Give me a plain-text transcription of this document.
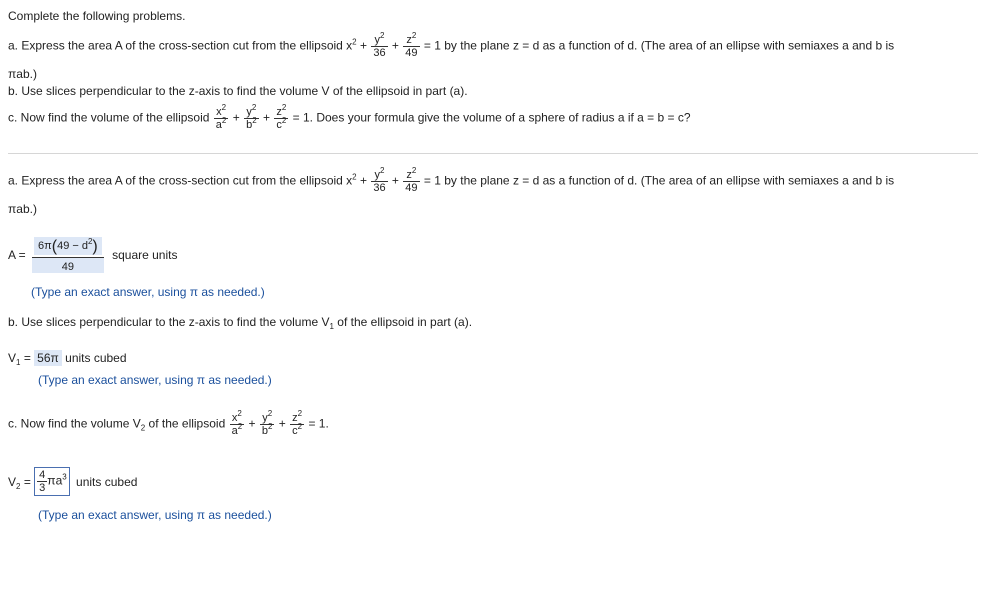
Complete the following problems.
a. Express the area A of the cross-section cut from the ellipsoid $x^2 + \frac{y^2}{36} + \frac{z^2}{49} = 1$ by the plane z = d as a function of d. (The area of an ellipse with semiaxes a and b is
πab.)
b. Use slices perpendicular to the z-axis to find the volume V of the ellipsoid in part (a).
c. Now find the volume of the ellipsoid $\frac{x^2}{a^2} + \frac{y^2}{b^2} + \frac{z^2}{c^2} = 1$. Does your formula give the volume of a sphere of radius a if a = b = c?
a. Express the area A of the cross-section cut from the ellipsoid $x^2 + \frac{y^2}{36} + \frac{z^2}{49} = 1$ by the plane z = d as a function of d. (The area of an ellipse with semiaxes a and b is
πab.)
$A = \frac{6\pi(49 - d^2)}{49}$ square units
(Type an exact answer, using π as needed.)
b. Use slices perpendicular to the z-axis to find the volume $V_1$ of the ellipsoid in part (a).
$V_1 = 56\pi$ units cubed
(Type an exact answer, using π as needed.)
c. Now find the volume $V_2$ of the ellipsoid $\frac{x^2}{a^2} + \frac{y^2}{b^2} + \frac{z^2}{c^2} = 1$.
$V_2 = \frac{4}{3} \pi a^3$ units cubed
(Type an exact answer, using π as needed.)
